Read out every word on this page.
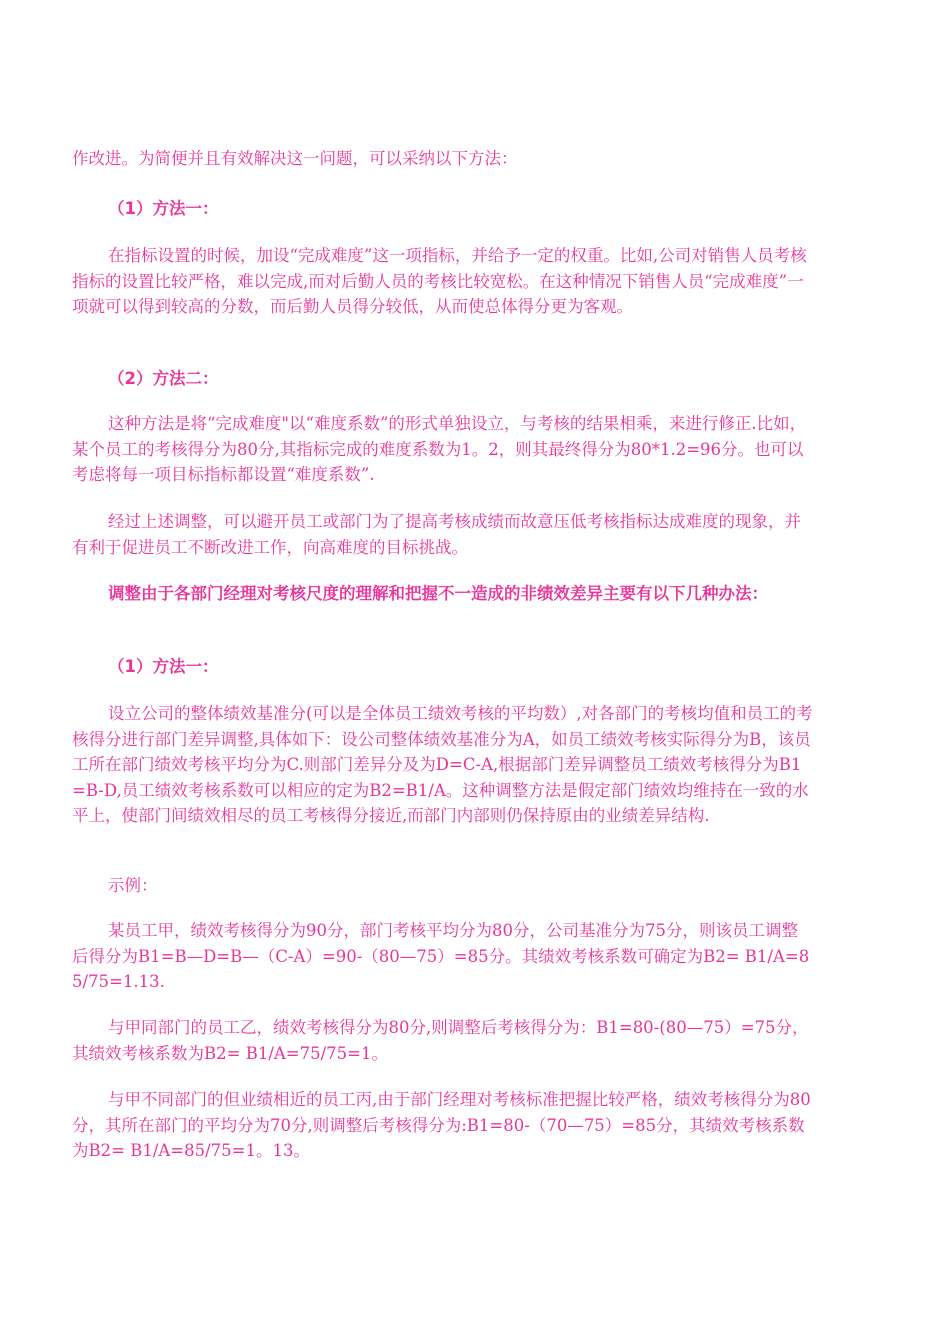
作改进。为简便并且有效解决这一问题，可以采纳以下方法：

（1）方法一：

在指标设置的时候，加设“完成难度”这一项指标，并给予一定的权重。比如,公司对销售人员考核指标的设置比较严格，难以完成,而对后勤人员的考核比较宽松。在这种情况下销售人员“完成难度”一项就可以得到较高的分数，而后勤人员得分较低，从而使总体得分更为客观。

（2）方法二：

这种方法是将“完成难度"以“难度系数”的形式单独设立，与考核的结果相乘，来进行修正.比如，某个员工的考核得分为80分,其指标完成的难度系数为1。2，则其最终得分为80*1.2=96分。也可以考虑将每一项目标指标都设置“难度系数”.

经过上述调整，可以避开员工或部门为了提高考核成绩而故意压低考核指标达成难度的现象，并有利于促进员工不断改进工作，向高难度的目标挑战。

调整由于各部门经理对考核尺度的理解和把握不一造成的非绩效差异主要有以下几种办法：

（1）方法一：

设立公司的整体绩效基准分(可以是全体员工绩效考核的平均数）,对各部门的考核均值和员工的考核得分进行部门差异调整,具体如下：设公司整体绩效基准分为A，如员工绩效考核实际得分为B，该员工所在部门绩效考核平均分为C.则部门差异分及为D=C-A,根据部门差异调整员工绩效考核得分为B1=B-D,员工绩效考核系数可以相应的定为B2=B1/A。这种调整方法是假定部门绩效均维持在一致的水平上，使部门间绩效相尽的员工考核得分接近,而部门内部则仍保持原由的业绩差异结构.

示例：

某员工甲，绩效考核得分为90分，部门考核平均分为80分，公司基准分为75分，则该员工调整后得分为B1=B—D=B—（C-A）=90-（80—75）=85分。其绩效考核系数可确定为B2= B1/A=85/75=1.13.

与甲同部门的员工乙，绩效考核得分为80分,则调整后考核得分为：B1=80-(80—75）=75分，其绩效考核系数为B2= B1/A=75/75=1。

与甲不同部门的但业绩相近的员工丙,由于部门经理对考核标准把握比较严格，绩效考核得分为80分，其所在部门的平均分为70分,则调整后考核得分为:B1=80-（70—75）=85分，其绩效考核系数为B2= B1/A=85/75=1。13。
